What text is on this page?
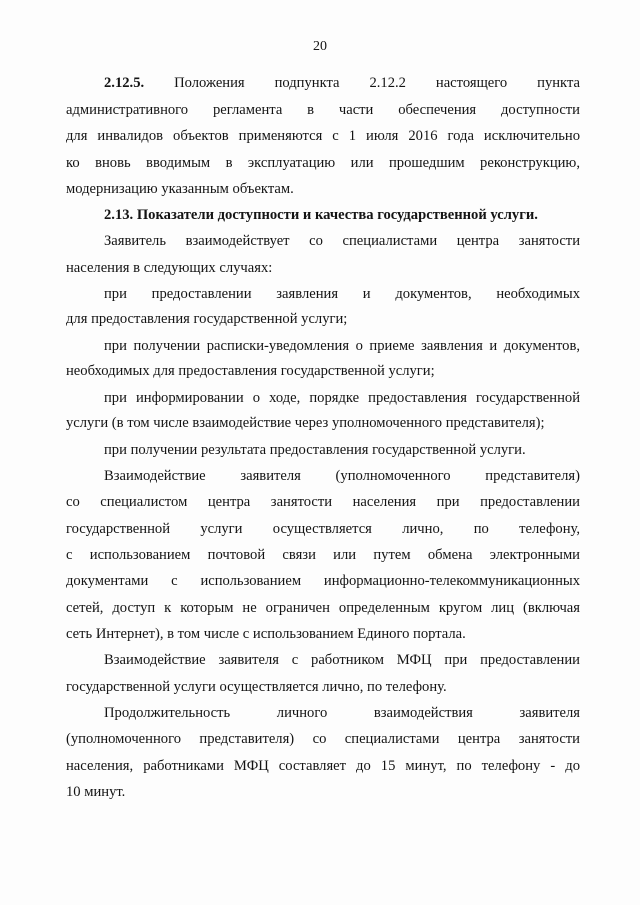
20
2.12.5. Положения подпункта 2.12.2 настоящего пункта
административного регламента в части обеспечения доступности
для инвалидов объектов применяются с 1 июля 2016 года исключительно
ко вновь вводимым в эксплуатацию или прошедшим реконструкцию,
модернизацию указанным объектам.
2.13. Показатели доступности и качества государственной услуги.
Заявитель взаимодействует со специалистами центра занятости
населения в следующих случаях:
при предоставлении заявления и документов, необходимых
для предоставления государственной услуги;
при получении расписки-уведомления о приеме заявления и документов,
необходимых для предоставления государственной услуги;
при информировании о ходе, порядке предоставления государственной
услуги (в том числе взаимодействие через уполномоченного представителя);
при получении результата предоставления государственной услуги.
Взаимодействие заявителя (уполномоченного представителя)
со специалистом центра занятости населения при предоставлении
государственной услуги осуществляется лично, по телефону,
с использованием почтовой связи или путем обмена электронными
документами с использованием информационно-телекоммуникационных
сетей, доступ к которым не ограничен определенным кругом лиц (включая
сеть Интернет), в том числе с использованием Единого портала.
Взаимодействие заявителя с работником МФЦ при предоставлении
государственной услуги осуществляется лично, по телефону.
Продолжительность личного взаимодействия заявителя
(уполномоченного представителя) со специалистами центра занятости
населения, работниками МФЦ составляет до 15 минут, по телефону - до
10 минут.
